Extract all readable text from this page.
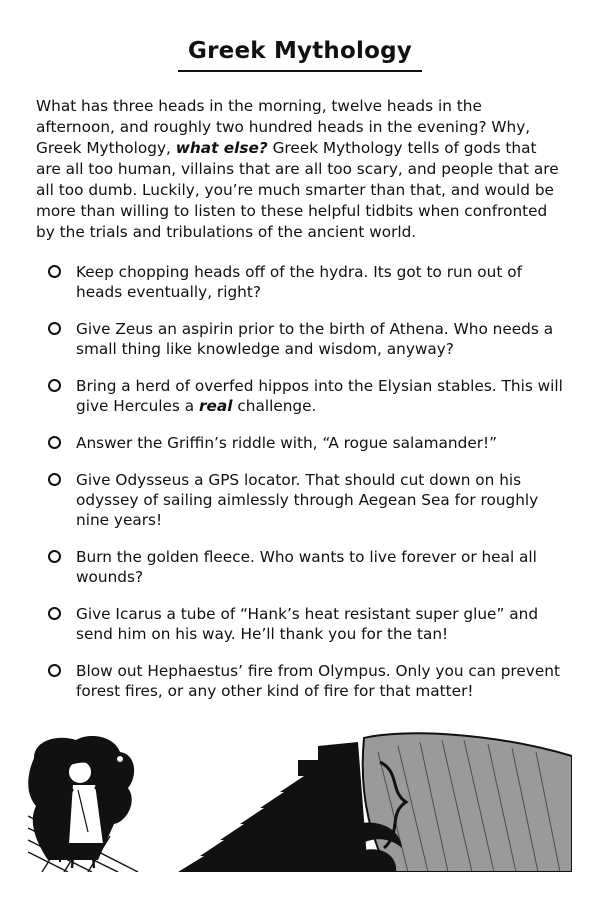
Greek Mythology

What has three heads in the morning, twelve heads in the afternoon, and roughly two hundred heads in the evening? Why, Greek Mythology, what else? Greek Mythology tells of gods that are all too human, villains that are all too scary, and people that are all too dumb. Luckily, you’re much smarter than that, and would be more than willing to listen to these helpful tidbits when confronted by the trials and tribulations of the ancient world.

Keep chopping heads off of the hydra. Its got to run out of heads eventually, right?
Give Zeus an aspirin prior to the birth of Athena. Who needs a small thing like knowledge and wisdom, anyway?
Bring a herd of overfed hippos into the Elysian stables. This will give Hercules a real challenge.
Answer the Griffin’s riddle with, “A rogue salamander!”
Give Odysseus a GPS locator. That should cut down on his odyssey of sailing aimlessly through Aegean Sea for roughly nine years!
Burn the golden fleece. Who wants to live forever or heal all wounds?
Give Icarus a tube of “Hank’s heat resistant super glue” and send him on his way. He’ll thank you for the tan!
Blow out Hephaestus’ fire from Olympus. Only you can prevent forest fires, or any other kind of fire for that matter!
